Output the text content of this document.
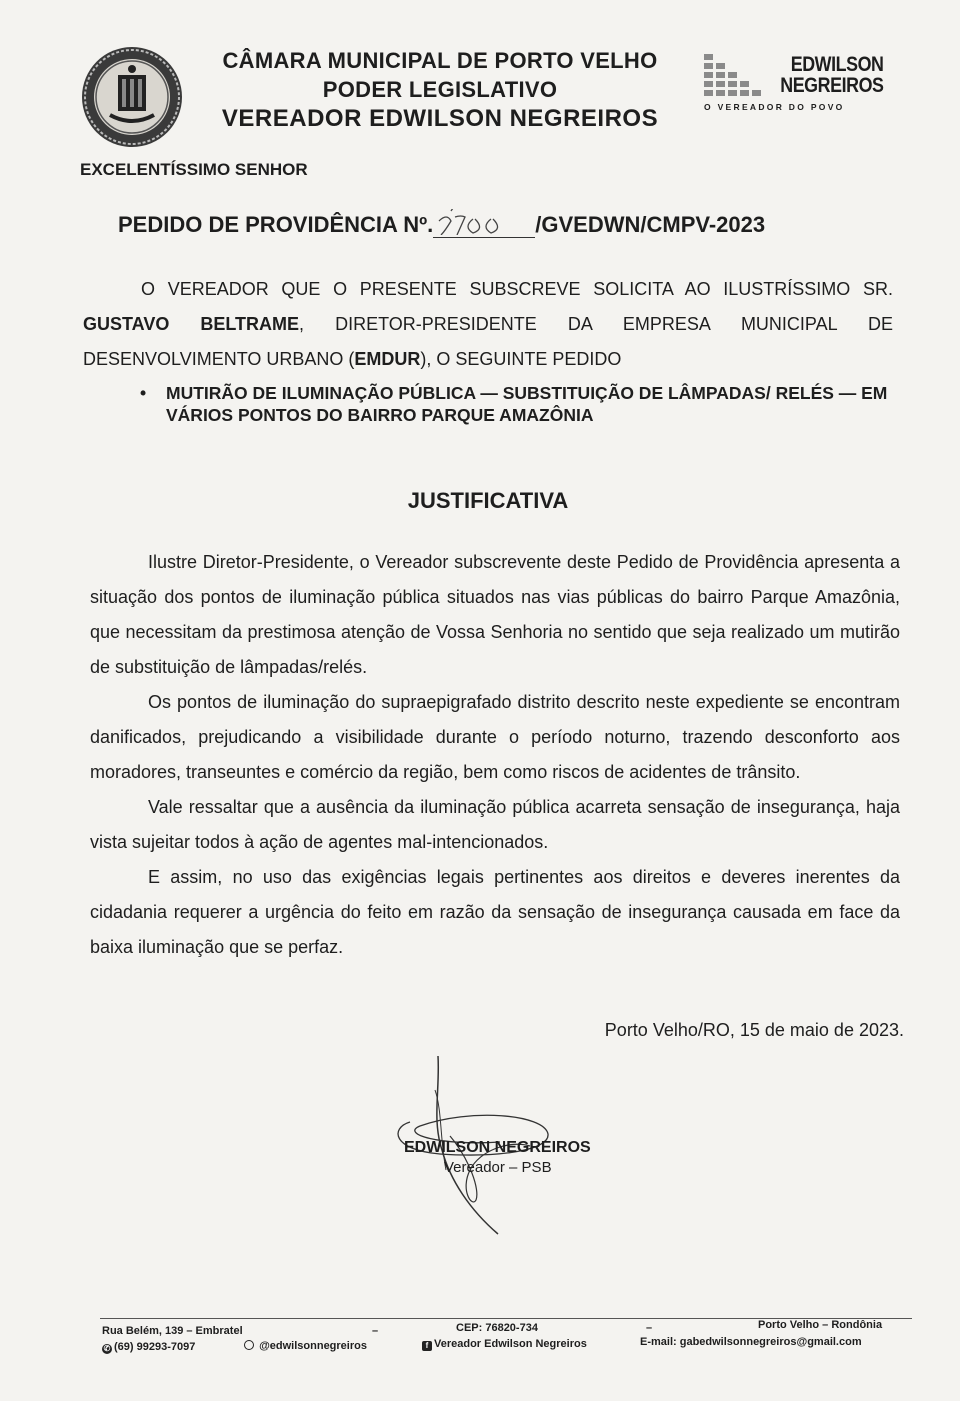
CÂMARA MUNICIPAL DE PORTO VELHO
PODER LEGISLATIVO
VEREADOR EDWILSON NEGREIROS
EDWILSON
NEGREIROS
O VEREADOR DO POVO
EXCELENTÍSSIMO SENHOR
PEDIDO DE PROVIDÊNCIA Nº.	/GVEDWN/CMPV-2023

O VEREADOR QUE O PRESENTE SUBSCREVE SOLICITA AO ILUSTRÍSSIMO SR. GUSTAVO BELTRAME, DIRETOR-PRESIDENTE DA EMPRESA MUNICIPAL DE DESENVOLVIMENTO URBANO (EMDUR), O SEGUINTE PEDIDO

• MUTIRÃO DE ILUMINAÇÃO PÚBLICA — SUBSTITUIÇÃO DE LÂMPADAS/ RELÉS — EM VÁRIOS PONTOS DO BAIRRO PARQUE AMAZÔNIA
JUSTIFICATIVA

Ilustre Diretor-Presidente, o Vereador subscrevente deste Pedido de Providência apresenta a situação dos pontos de iluminação pública situados nas vias públicas do bairro Parque Amazônia, que necessitam da prestimosa atenção de Vossa Senhoria no sentido que seja realizado um mutirão de substituição de lâmpadas/relés.

Os pontos de iluminação do supraepigrafado distrito descrito neste expediente se encontram danificados, prejudicando a visibilidade durante o período noturno, trazendo desconforto aos moradores, transeuntes e comércio da região, bem como riscos de acidentes de trânsito.

Vale ressaltar que a ausência da iluminação pública acarreta sensação de insegurança, haja vista sujeitar todos à ação de agentes mal-intencionados.

E assim, no uso das exigências legais pertinentes aos direitos e deveres inerentes da cidadania requerer a urgência do feito em razão da sensação de insegurança causada em face da baixa iluminação que se perfaz.

Porto Velho/RO, 15 de maio de 2023.
EDWILSON NEGREIROS
Vereador – PSB
Rua Belém, 139 – Embratel	–	CEP: 76820-734	–	Porto Velho – Rondônia
✆ (69) 99293-7097	@edwilsonnegreiros	f Vereador Edwilson Negreiros	E-mail: gabedwilsonnegreiros@gmail.com
